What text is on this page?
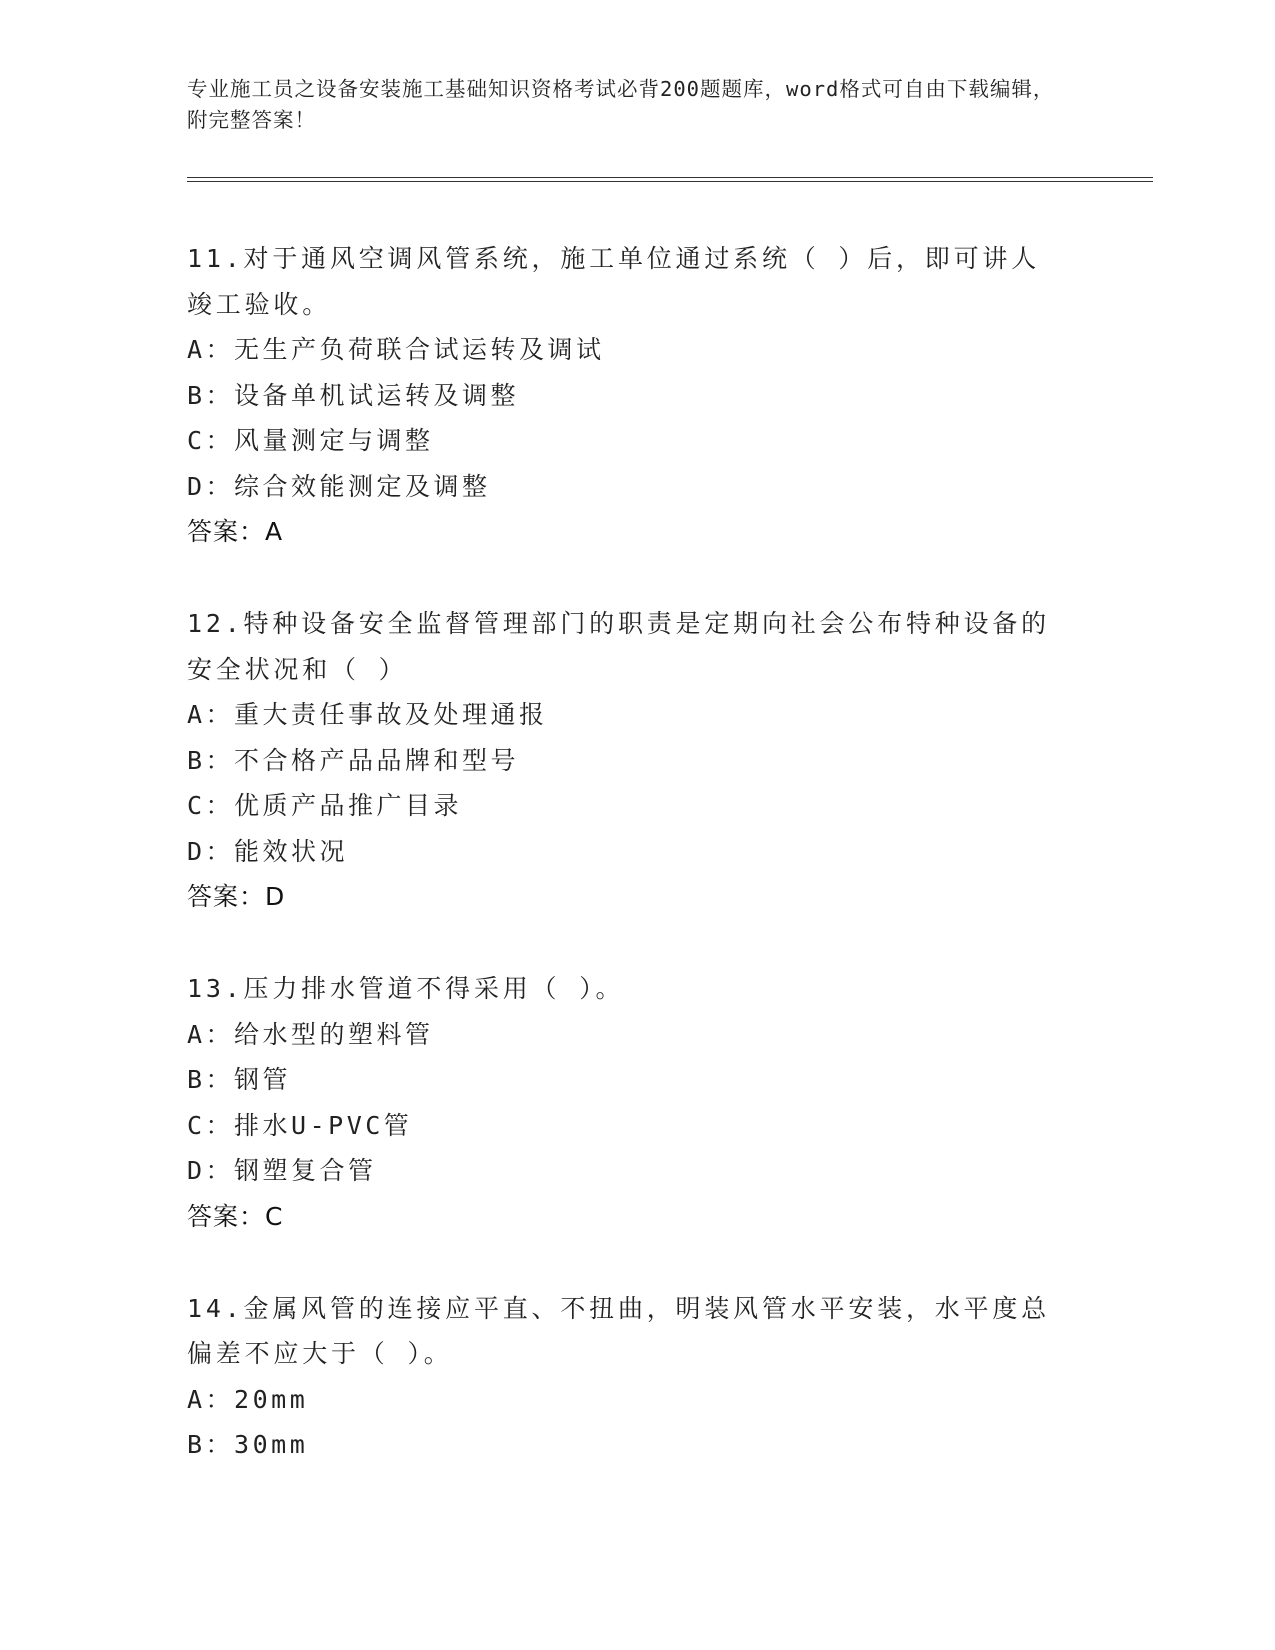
专业施工员之设备安装施工基础知识资格考试必背200题题库，word格式可自由下载编辑，附完整答案！

11.对于通风空调风管系统，施工单位通过系统（ ）后，即可讲人竣工验收。

A：无生产负荷联合试运转及调试

B：设备单机试运转及调整

C：风量测定与调整

D：综合效能测定及调整

答案：A

12.特种设备安全监督管理部门的职责是定期向社会公布特种设备的安全状况和（ ）

A：重大责任事故及处理通报

B：不合格产品品牌和型号

C：优质产品推广目录

D：能效状况

答案：D

13.压力排水管道不得采用（ ）。

A：给水型的塑料管

B：钢管

C：排水U-PVC管

D：钢塑复合管

答案：C

14.金属风管的连接应平直、不扭曲，明装风管水平安装，水平度总偏差不应大于（ ）。

A：20mm

B：30mm
